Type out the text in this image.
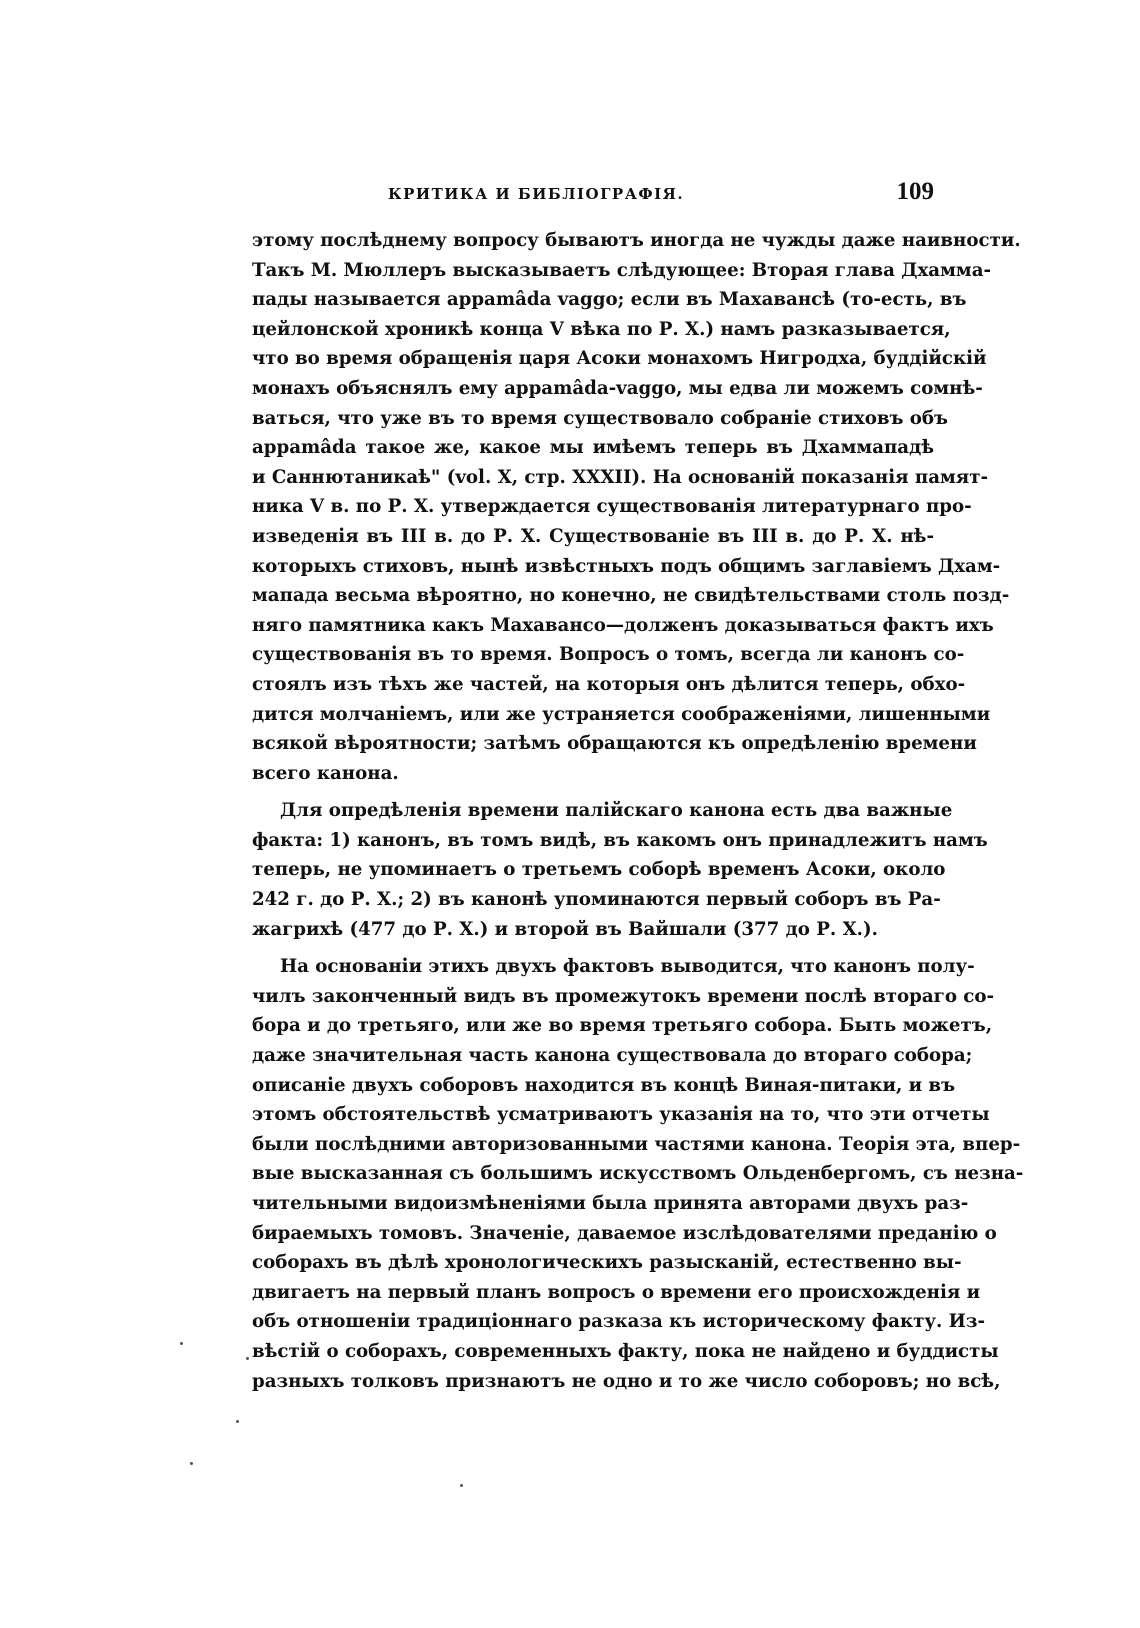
КРИТИКА И БИБЛІОГРАФІЯ.	109
этому послѣднему вопросу бываютъ иногда не чужды даже наивности.
Такъ М. Мюллеръ высказываетъ слѣдующее: Вторая глава Дхамма-
пады называется appamâda vaggo; если въ Махавансѣ (то-есть, въ
цейлонской хроникѣ конца V вѣка по Р. Х.) намъ разказывается,
что во время обращенія царя Асоки монахомъ Нигродха, буддійскій
монахъ объяснялъ ему appamâda-vaggo, мы едва ли можемъ сомнѣ-
ваться, что уже въ то время существовало собраніе стиховъ объ
appamâda такое же, какое мы имѣемъ теперь въ Дхаммападѣ
и Саннютаникаѣ" (vol. X, стр. XXXII). На основаній показанія памят-
ника V в. по Р. Х. утверждается существованія литературнаго про-
изведенія въ III в. до Р. Х. Существованіе въ III в. до Р. Х. нѣ-
которыхъ стиховъ, нынѣ извѣстныхъ подъ общимъ заглавіемъ Дхам-
мапада весьма вѣроятно, но конечно, не свидѣтельствами столь позд-
няго памятника какъ Махавансо—долженъ доказываться фактъ ихъ
существованія въ то время. Вопросъ о томъ, всегда ли канонъ со-
стоялъ изъ тѣхъ же частей, на которыя онъ дѣлится теперь, обхо-
дится молчаніемъ, или же устраняется соображеніями, лишенными
всякой вѣроятности; затѣмъ обращаются къ опредѣленію времени
всего канона.
Для опредѣленія времени палійскаго канона есть два важные
факта: 1) канонъ, въ томъ видѣ, въ какомъ онъ принадлежитъ намъ
теперь, не упоминаетъ о третьемъ соборѣ временъ Асоки, около
242 г. до Р. Х.; 2) въ канонѣ упоминаются первый соборъ въ Ра-
жагрихѣ (477 до Р. Х.) и второй въ Вайшали (377 до Р. Х.).
На основаніи этихъ двухъ фактовъ выводится, что канонъ полу-
чилъ законченный видъ въ промежутокъ времени послѣ втораго со-
бора и до третьяго, или же во время третьяго собора. Быть можетъ,
даже значительная часть канона существовала до втораго собора;
описаніе двухъ соборовъ находится въ концѣ Виная-питаки, и въ
этомъ обстоятельствѣ усматриваютъ указанія на то, что эти отчеты
были послѣдними авторизованными частями канона. Теорія эта, впер-
вые высказанная съ большимъ искусствомъ Ольденбергомъ, съ незна-
чительными видоизмѣненіями была принята авторами двухъ раз-
бираемыхъ томовъ. Значеніе, даваемое изслѣдователями преданію о
соборахъ въ дѣлѣ хронологическихъ разысканій, естественно вы-
двигаетъ на первый планъ вопросъ о времени его происхожденія и
объ отношеніи традиціоннаго разказа къ историческому факту. Из-
вѣстій о соборахъ, современныхъ факту, пока не найдено и буддисты
разныхъ толковъ признаютъ не одно и то же число соборовъ; но всѣ,
